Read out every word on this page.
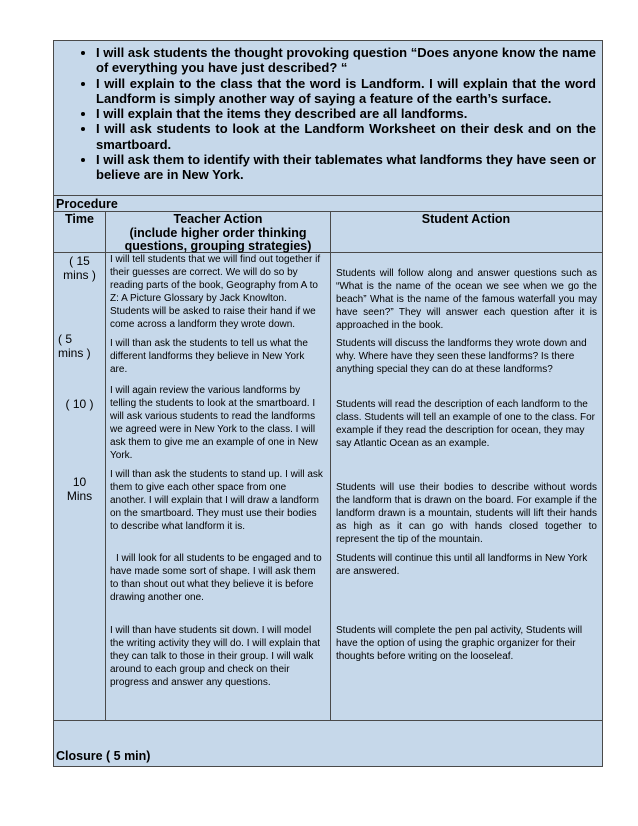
• I will ask students the thought provoking question “Does anyone know the name of everything you have just described? “
• I will explain to the class that the word is Landform. I will explain that the word Landform is simply another way of saying a feature of the earth’s surface.
• I will explain that the items they described are all landforms.
• I will ask students to look at the Landform Worksheet on their desk and on the smartboard.
• I will ask them to identify with their tablemates what landforms they have seen or believe are in New York.
Procedure
Time	Teacher Action
(include higher order thinking questions, grouping strategies)
Student Action
( 15
mins )
I will tell students that we will find out together if their guesses are correct. We will do so by reading parts of the book, Geography from A to Z: A Picture Glossary by Jack Knowlton. Students will be asked to raise their hand if we come across a landform they wrote down.
Students will follow along and answer questions such as “What is the name of the ocean we see when we go the beach” What is the name of the famous waterfall you may have seen?” They will answer each question after it is approached in the book.
( 5
mins )
I will than ask the students to tell us what the different landforms they believe in New York are.
Students will discuss the landforms they wrote down and why. Where have they seen these landforms? Is there anything special they can do at these landforms?
( 10 )
I will again review the various landforms by telling the students to look at the smartboard. I will ask various students to read the landforms we agreed were in New York to the class. I will ask them to give me an example of one in New York.
Students will read the description of each landform to the class. Students will tell an example of one to the class. For example if they read the description for ocean, they may say Atlantic Ocean as an example.
10
Mins
I will than ask the students to stand up. I will ask them to give each other space from one another. I will explain that I will draw a landform on the smartboard. They must use their bodies to describe what landform it is.
Students will use their bodies to describe without words the landform that is drawn on the board. For example if the landform drawn is a mountain, students will lift their hands as high as it can go with hands closed together to represent the tip of the mountain.
I will look for all students to be engaged and to have made some sort of shape. I will ask them to than shout out what they believe it is before drawing another one.
Students will continue this until all landforms in New York are answered.
I will than have students sit down. I will model the writing activity they will do. I will explain that they can talk to those in their group. I will walk around to each group and check on their progress and answer any questions.
Students will complete the pen pal activity, Students will have the option of using the graphic organizer for their thoughts before writing on the looseleaf.
Closure ( 5 min)
